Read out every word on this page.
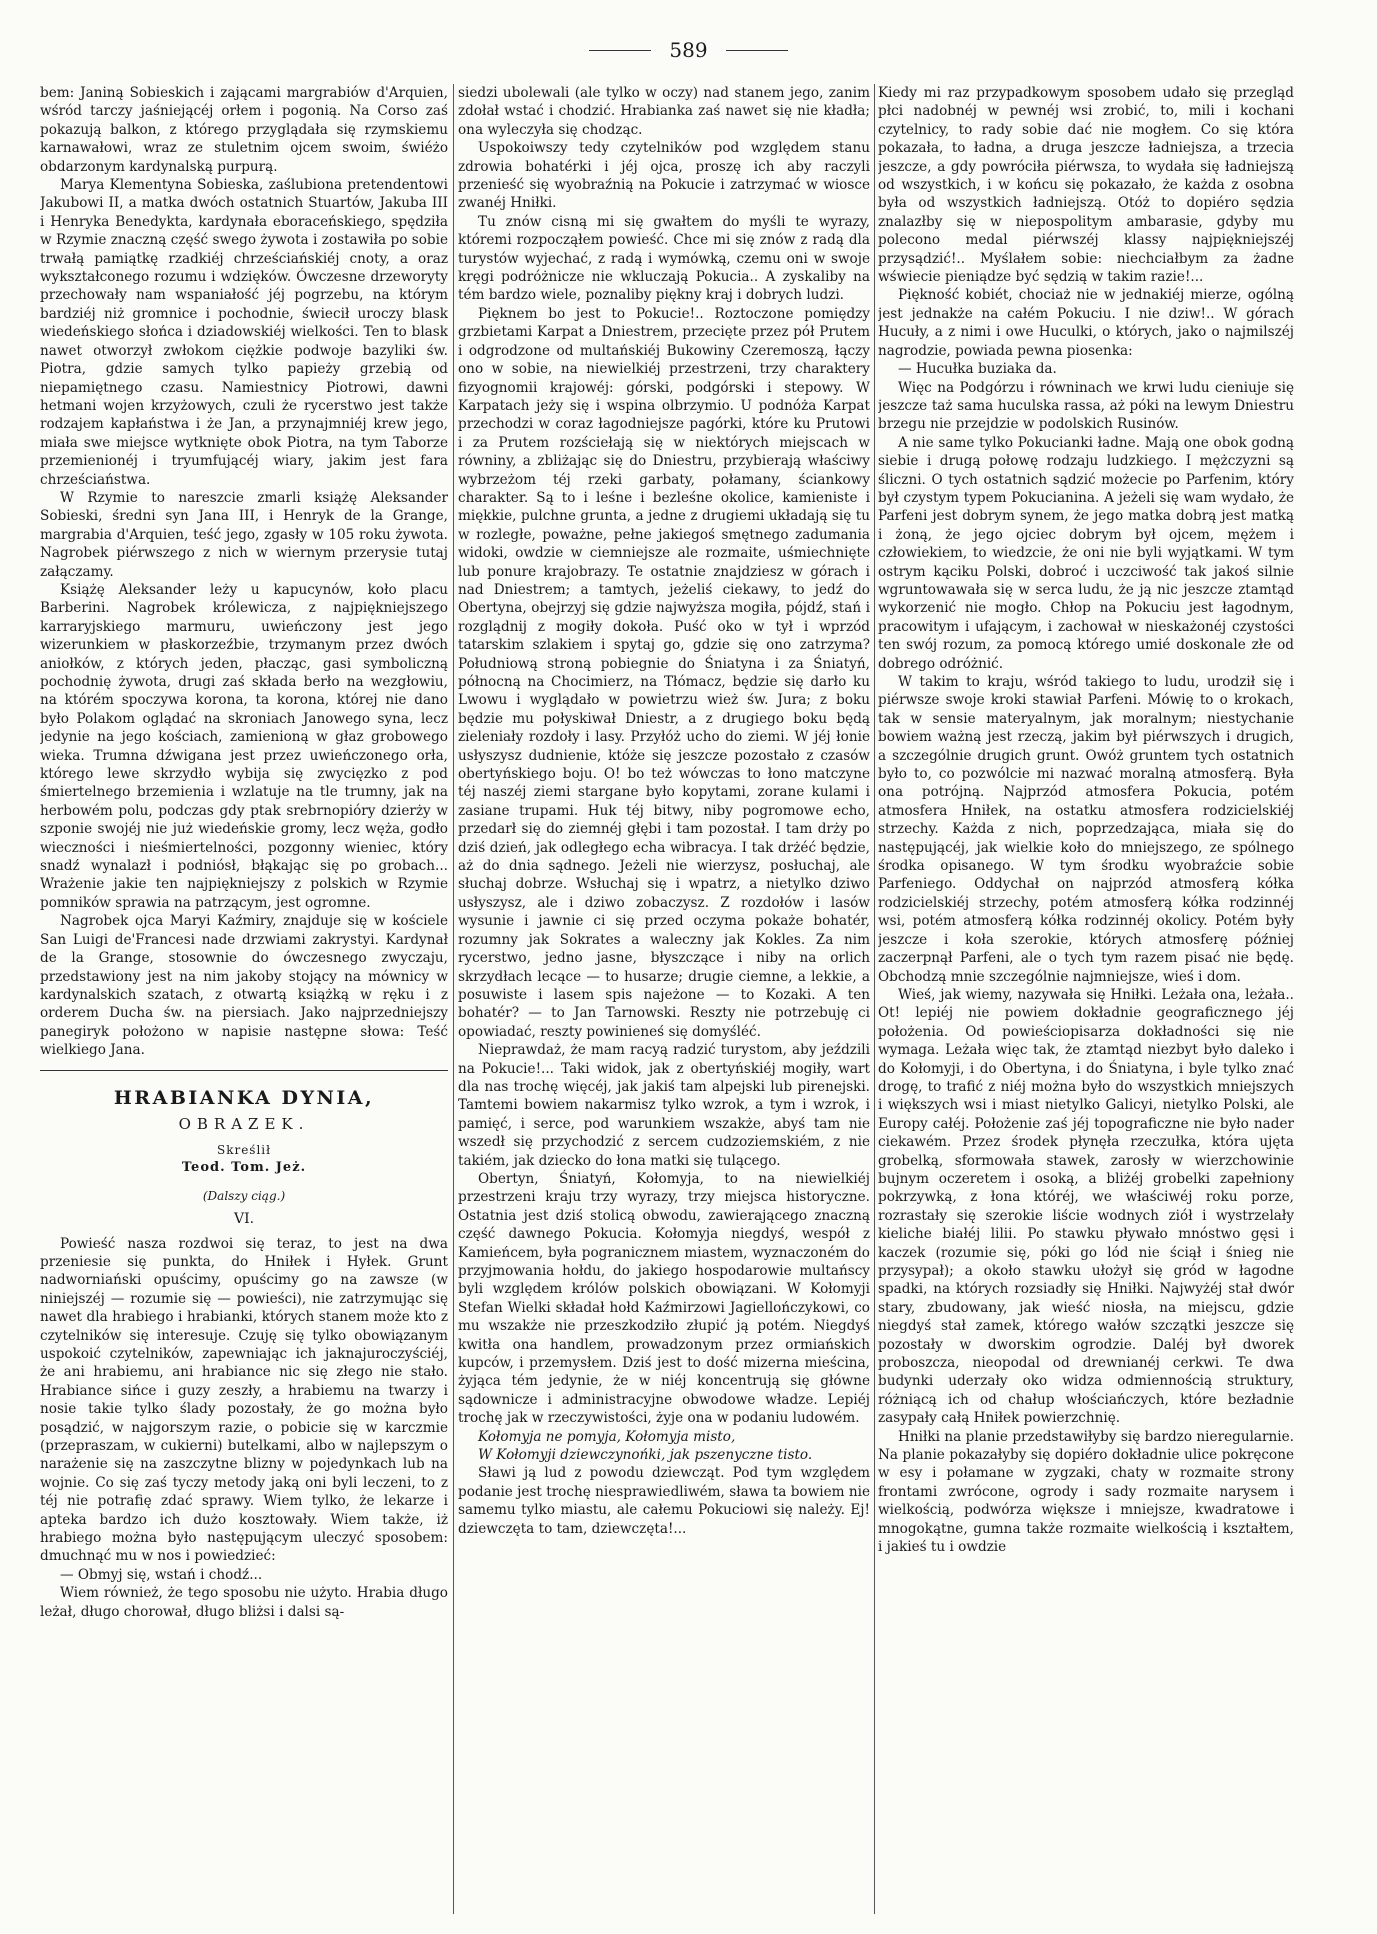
589

bem: Janiną Sobieskich i zającami margrabiów d'Arquien, wśród tarczy jaśniejącéj orłem i pogonią. Na Corso zaś pokazują balkon, z którego przyglądała się rzymskiemu karnawałowi, wraz ze stuletnim ojcem swoim, świéżo obdarzonym kardynalską purpurą.

Marya Klementyna Sobieska, zaślubiona pretendentowi Jakubowi II, a matka dwóch ostatnich Stuartów, Jakuba III i Henryka Benedykta, kardynała eboraceńskiego, spędziła w Rzymie znaczną część swego żywota i zostawiła po sobie trwałą pamiątkę rzadkiéj chrześciańskiéj cnoty, a oraz wykształconego rozumu i wdzięków. Ówczesne drzeworyty przechowały nam wspaniałość jéj pogrzebu, na którym bardziéj niż gromnice i pochodnie, świecił uroczy blask wiedeńskiego słońca i dziadowskiéj wielkości. Ten to blask nawet otworzył zwłokom ciężkie podwoje bazyliki św. Piotra, gdzie samych tylko papieży grzebią od niepamiętnego czasu. Namiestnicy Piotrowi, dawni hetmani wojen krzyżowych, czuli że rycerstwo jest także rodzajem kapłaństwa i że Jan, a przynajmniéj krew jego, miała swe miejsce wytknięte obok Piotra, na tym Taborze przemienionéj i tryumfującéj wiary, jakim jest fara chrześciaństwa.

W Rzymie to nareszcie zmarli książę Aleksander Sobieski, średni syn Jana III, i Henryk de la Grange, margrabia d'Arquien, teść jego, zgasły w 105 roku żywota. Nagrobek piérwszego z nich w wiernym przerysie tutaj załączamy.

Książę Aleksander leży u kapucynów, koło placu Barberini. Nagrobek królewicza, z najpiękniejszego karraryjskiego marmuru, uwieńczony jest jego wizerunkiem w płaskorzeźbie, trzymanym przez dwóch aniołków, z których jeden, płacząc, gasi symboliczną pochodnię żywota, drugi zaś składa berło na wezgłowiu, na którém spoczywa korona, ta korona, której nie dano było Polakom oglądać na skroniach Janowego syna, lecz jedynie na jego kościach, zamienioną w głaz grobowego wieka. Trumna dźwigana jest przez uwieńczonego orła, którego lewe skrzydło wybija się zwycięzko z pod śmiertelnego brzemienia i wzlatuje na tle trumny, jak na herbowém polu, podczas gdy ptak srebrnopióry dzierży w szponie swojéj nie już wiedeńskie gromy, lecz wężа, godło wieczności i nieśmiertelności, pozgonny wieniec, który snadź wynalazł i podniósł, błąkając się po grobach... Wrażenie jakie ten najpiękniejszy z polskich w Rzymie pomników sprawia na patrzącym, jest ogromne.

Nagrobek ojca Maryi Kaźmiry, znajduje się w kościele San Luigi de'Francesi nade drzwiami zakrystyi. Kardynał de la Grange, stosownie do ówczesnego zwyczaju, przedstawiony jest na nim jakoby stojący na mównicy w kardynalskich szatach, z otwartą książką w ręku i z orderem Ducha św. na piersiach. Jako najprzedniejszy panegiryk położono w napisie następne słowa: Teść wielkiego Jana.

HRABIANKA DYNIA,
OBRAZEK.
Skreślił
Teod. Tom. Jeż.
(Dalszy ciąg.)
VI.

Powieść nasza rozdwoi się teraz, to jest na dwa przeniesie się punkta, do Hniłek i Hyłek. Grunt nadworniański opuścimy, opuścimy go na zawsze (w niniejszéj — rozumie się — powieści), nie zatrzymując się nawet dla hrabiego i hrabianki, których stanem może kto z czytelników się interesuje. Czuję się tylko obowiązanym uspokoić czytelników, zapewniając ich jaknajuroczyściéj, że ani hrabiemu, ani hrabiance nic się złego nie stało. Hrabiance sińce i guzy zeszły, a hrabiemu na twarzy i nosie takie tylko ślady pozostały, że go można było posądzić, w najgorszym razie, o pobicie się w karczmie (przepraszam, w cukierni) butelkami, albo w najlepszym o narażenie się na zaszczytne blizny w pojedynkach lub na wojnie. Co się zaś tyczy metody jaką oni byli leczeni, to z téj nie potrafię zdać sprawy. Wiem tylko, że lekarze i apteka bardzo ich dużo kosztowały. Wiem także, iż hrabiego można było następującym uleczyć sposobem: dmuchnąć mu w nos i powiedzieć:

— Obmyj się, wstań i chodź...

Wiem również, że tego sposobu nie użyto. Hrabia długo leżał, długo chorował, długo bliżsi i dalsi są-

siedzi ubolewali (ale tylko w oczy) nad stanem jego, zanim zdołał wstać i chodzić. Hrabianka zaś nawet się nie kładła; ona wyleczyła się chodząc.

Uspokoiwszy tedy czytelników pod względem stanu zdrowia bohatérki i jéj ojca, proszę ich aby raczyli przenieść się wyobraźnią na Pokucie i zatrzymać w wiosce zwanéj Hniłki.

Tu znów cisną mi się gwałtem do myśli te wyrazy, któremi rozpocząłem powieść. Chce mi się znów z radą dla turystów wyjechać, z radą i wymówką, czemu oni w swoje kręgi podróżnicze nie wkluczają Pokucia.. A zyskaliby na tém bardzo wiele, poznaliby piękny kraj i dobrych ludzi.

Pięknem bo jest to Pokucie!.. Roztoczone pomiędzy grzbietami Karpat a Dniestrem, przecięte przez pół Prutem i odgrodzone od multańskiéj Bukowiny Czeremoszą, łączy ono w sobie, na niewielkiéj przestrzeni, trzy charaktery fizyognomii krajowéj: górski, podgórski i stepowy. W Karpatach jeży się i wspina olbrzymio. U podnóża Karpat przechodzi w coraz łagodniejsze pagórki, które ku Prutowi i za Prutem rozściełają się w niektórych miejscach w równiny, a zbliżając się do Dniestru, przybierają właściwy wybrzeżom téj rzeki garbaty, połamany, ściankowy charakter. Są to i leśne i bezleśne okolice, kamieniste i miękkie, pulchne grunta, a jedne z drugiemi układają się tu w rozległe, poważne, pełne jakiegoś smętnego zadumania widoki, owdzie w ciemniejsze ale rozmaite, uśmiechnięte lub ponure krajobrazy. Te ostatnie znajdziesz w górach i nad Dniestrem; a tamtych, jeżeliś ciekawy, to jedź do Obertyna, obejrzyj się gdzie najwyższa mogiła, pójdź, stań i rozglądnij z mogiły dokoła. Puść oko w tył i wprzód tatarskim szlakiem i spytaj go, gdzie się ono zatrzyma? Południową stroną pobiegnie do Śniatyna i za Śniatyń, północną na Chocimierz, na Tłómacz, będzie się darło ku Lwowu i wyglądało w powietrzu wież św. Jura; z boku będzie mu połyskiwał Dniestr, a z drugiego boku będą zieleniały rozdoły i lasy. Przyłóż ucho do ziemi. W jéj łonie usłyszysz dudnienie, któże się jeszcze pozostało z czasów obertyńskiego boju. O! bo też wówczas to łono matczyne téj naszéj ziemi stargane było kopytami, zorane kulami i zasiane trupami. Huk téj bitwy, niby pogromowe echo, przedarł się do ziemnéj głębi i tam pozostał. I tam drży po dziś dzień, jak odległego echa wibracya. I tak drżéć będzie, aż do dnia sądnego. Jeżeli nie wierzysz, posłuchaj, ale słuchaj dobrze. Wsłuchaj się i wpatrz, a nietylko dziwo usłyszysz, ale i dziwo zobaczysz. Z rozdołów i lasów wysunie i jawnie ci się przed oczyma pokaże bohatér, rozumny jak Sokrates a waleczny jak Kokles. Za nim rycerstwo, jedno jasne, błyszczące i niby na orlich skrzydłach lecące — to husarze; drugie ciemne, a lekkie, a posuwiste i lasem spis najeżone — to Kozaki. A ten bohatér? — to Jan Tarnowski. Reszty nie potrzebuję ci opowiadać, reszty powinieneś się domyśléć.

Nieprawdaż, że mam racyą radzić turystom, aby jeździli na Pokucie!... Taki widok, jak z obertyńskiéj mogiły, wart dla nas trochę więcéj, jak jakiś tam alpejski lub pirenejski. Tamtemi bowiem nakarmisz tylko wzrok, a tym i wzrok, i pamięć, i serce, pod warunkiem wszakże, abyś tam nie wszedł się przychodzić z sercem cudzoziemskiém, z nie takiém, jak dziecko do łona matki się tulącego.

Obertyn, Śniatyń, Kołomyja, to na niewielkiéj przestrzeni kraju trzy wyrazy, trzy miejsca historyczne. Ostatnia jest dziś stolicą obwodu, zawierającego znaczną część dawnego Pokucia. Kołomyja niegdyś, wespół z Kamieńcem, była pogranicznem miastem, wyznaczoném do przyjmowania hołdu, do jakiego hospodarowie multańscy byli względem królów polskich obowiązani. W Kołomyji Stefan Wielki składał hołd Kaźmirzowi Jagiellończykowi, co mu wszakże nie przeszkodziło złupić ją potém. Niegdyś kwitła ona handlem, prowadzonym przez ormiańskich kupców, i przemysłem. Dziś jest to dość mizerna mieścina, żyjąca tém jedynie, że w niéj koncentrują się główne sądownicze i administracyjne obwodowe władze. Lepiéj trochę jak w rzeczywistości, żyje ona w podaniu ludowém.

Kołomyja ne pomyja, Kołomyja misto,

W Kołomyji dziewczynońki, jak pszenyczne tisto.

Sławi ją lud z powodu dziewcząt. Pod tym względem podanie jest trochę niesprawiedliwém, sława ta bowiem nie samemu tylko miastu, ale całemu Pokuciowi się należy. Ej! dziewczęta to tam, dziewczęta!...

Kiedy mi raz przypadkowym sposobem udało się przegląd płci nadobnéj w pewnéj wsi zrobić, to, mili i kochani czytelnicy, to rady sobie dać nie mogłem. Co się która pokazała, to ładna, a druga jeszcze ładniejsza, a trzecia jeszcze, a gdy powróciła piérwsza, to wydała się ładniejszą od wszystkich, i w końcu się pokazało, że każda z osobna była od wszystkich ładniejszą. Otóż to dopiéro sędzia znalazłby się w niepospolitym ambarasie, gdyby mu polecono medal piérwszéj klassy najpiękniejszéj przysądzić!.. Myślałem sobie: niechciałbym za żadne wświecie pieniądze być sędzią w takim razie!...

Piękność kobiét, chociaż nie w jednakiéj mierze, ogólną jest jednakże na całém Pokuciu. I nie dziw!.. W górach Hucuły, a z nimi i owe Huculki, o których, jako o najmilszéj nagrodzie, powiada pewna piosenka:

— Hucułka buziaka da.

Więc na Podgórzu i równinach we krwi ludu cieniuje się jeszcze taż sama huculska rassa, aż póki na lewym Dniestru brzegu nie przejdzie w podolskich Rusinów.

A nie same tylko Pokucianki ładne. Mają one obok godną siebie i drugą połowę rodzaju ludzkiego. I mężczyzni są śliczni. O tych ostatnich sądzić możecie po Parfenim, który był czystym typem Pokucianina. A jeżeli się wam wydało, że Parfeni jest dobrym synem, że jego matka dobrą jest matką i żoną, że jego ojciec dobrym był ojcem, mężem i człowiekiem, to wiedzcie, że oni nie byli wyjątkami. W tym ostrym kąciku Polski, dobroć i uczciwość tak jakoś silnie wgruntowawała się w serca ludu, że ją nic jeszcze ztamtąd wykorzenić nie mogło. Chłop na Pokuciu jest łagodnym, pracowitym i ufającym, i zachował w nieskażonéj czystości ten swój rozum, za pomocą którego umié doskonale złe od dobrego odróżnić.

W takim to kraju, wśród takiego to ludu, urodził się i piérwsze swoje kroki stawiał Parfeni. Mówię to o krokach, tak w sensie materyalnym, jak moralnym; niestychanie bowiem ważną jest rzeczą, jakim był piérwszych i drugich, a szczególnie drugich grunt. Owóż gruntem tych ostatnich było to, co pozwólcie mi nazwać moralną atmosferą. Była ona potrójną. Najprzód atmosfera Pokucia, potém atmosfera Hniłek, na ostatku atmosfera rodzicielskiéj strzechy. Każda z nich, poprzedzająca, miała się do następującéj, jak wielkie koło do mniejszego, ze spólnego środka opisanego. W tym środku wyobraźcie sobie Parfeniego. Oddychał on najprzód atmosferą kółka rodzicielskiéj strzechy, potém atmosferą kółka rodzinnéj wsi, potém atmosferą kółka rodzinnéj okolicy. Potém były jeszcze i koła szerokie, których atmosferę później zaczerpnął Parfeni, ale o tych tym razem pisać nie będę. Obchodzą mnie szczególnie najmniejsze, wieś i dom.

Wieś, jak wiemy, nazywała się Hniłki. Leżała ona, leżała.. Ot! lepiéj nie powiem dokładnie geograficznego jéj położenia. Od powieściopisarza dokładności się nie wymaga. Leżała więc tak, że ztamtąd niezbyt było daleko i do Kołomyji, i do Obertyna, i do Śniatyna, i byle tylko znać drogę, to trafić z niéj można było do wszystkich mniejszych i większych wsi i miast nietylko Galicyi, nietylko Polski, ale Europy całéj. Położenie zaś jéj topograficzne nie było nader ciekawém. Przez środek płynęła rzeczułka, która ujęta grobelką, sformowała stawek, zarosły w wierzchowinie bujnym oczeretem i osoką, a bliżéj grobelki zapełniony pokrzywką, z łona któréj, we właściwéj roku porze, rozrastały się szerokie liście wodnych ziół i wystrzelały kieliche białéj lilii. Po stawku pływało mnóstwo gęsi i kaczek (rozumie się, póki go lód nie ściął i śnieg nie przysypał); a około stawku ułożył się gród w łagodne spadki, na których rozsiadły się Hniłki. Najwyżéj stał dwór stary, zbudowany, jak wieść niosła, na miejscu, gdzie niegdyś stał zamek, którego wałów szczątki jeszcze się pozostały w dworskim ogrodzie. Daléj był dworek proboszcza, nieopodal od drewnianéj cerkwi. Te dwa budynki uderzały oko widza odmiennością struktury, różniącą ich od chałup włościańczych, które bezładnie zasypały całą Hniłek powierzchnię.

Hniłki na planie przedstawiłyby się bardzo nieregularnie. Na planie pokazałyby się dopiéro dokładnie ulice pokręcone w esy i połamane w zygzaki, chaty w rozmaite strony frontami zwrócone, ogrody i sady rozmaite narysem i wielkością, podwórza większe i mniejsze, kwadratowe i mnogokątne, gumna także rozmaite wielkością i kształtem, i jakieś tu i owdzie
